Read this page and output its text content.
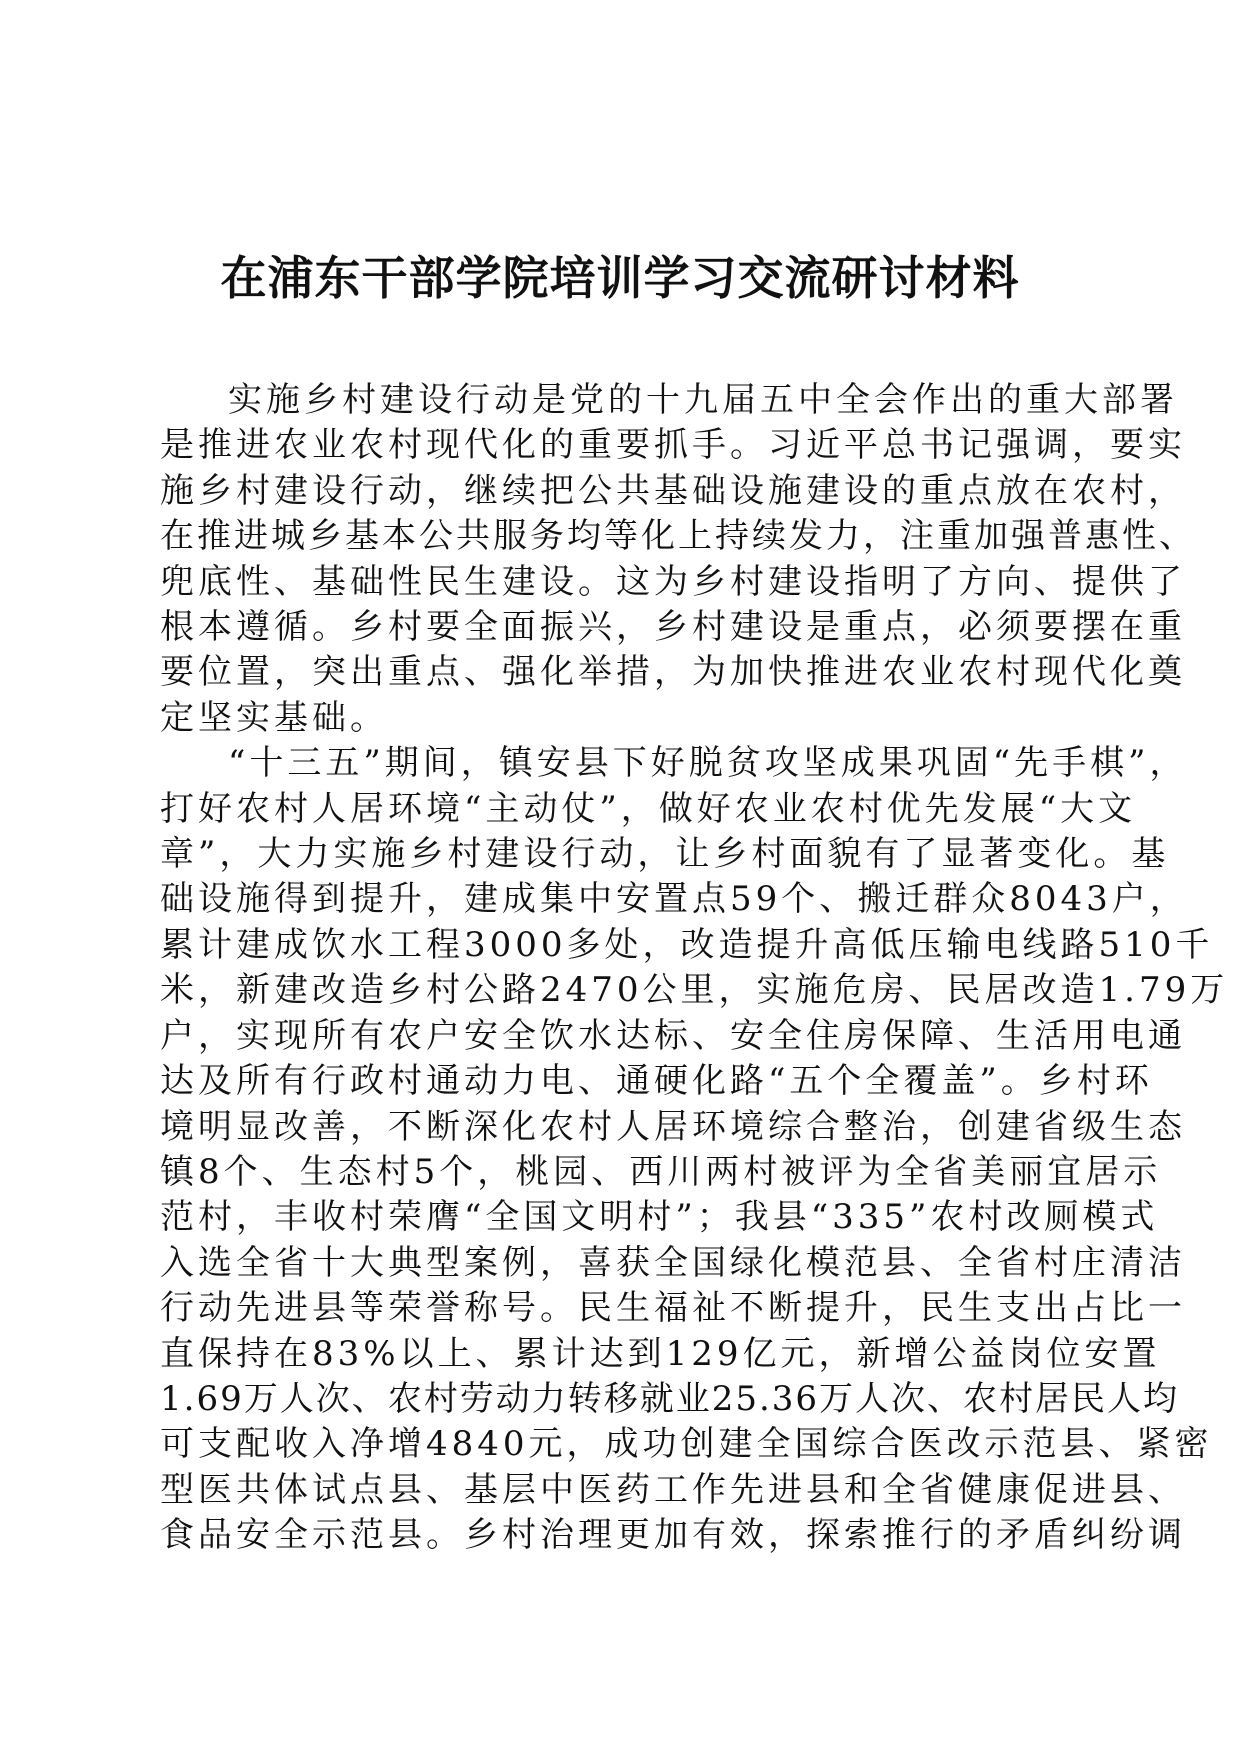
在浦东干部学院培训学习交流研讨材料

实施乡村建设行动是党的十九届五中全会作出的重大部署
是推进农业农村现代化的重要抓手。习近平总书记强调，要实
施乡村建设行动，继续把公共基础设施建设的重点放在农村，
在推进城乡基本公共服务均等化上持续发力，注重加强普惠性、
兜底性、基础性民生建设。这为乡村建设指明了方向、提供了
根本遵循。乡村要全面振兴，乡村建设是重点，必须要摆在重
要位置，突出重点、强化举措，为加快推进农业农村现代化奠
定坚实基础。

“十三五”期间，镇安县下好脱贫攻坚成果巩固“先手棋”，
打好农村人居环境“主动仗”，做好农业农村优先发展“大文
章”，大力实施乡村建设行动，让乡村面貌有了显著变化。基
础设施得到提升，建成集中安置点59个、搬迁群众8043户，
累计建成饮水工程3000多处，改造提升高低压输电线路510千
米，新建改造乡村公路2470公里，实施危房、民居改造1.79万
户，实现所有农户安全饮水达标、安全住房保障、生活用电通
达及所有行政村通动力电、通硬化路“五个全覆盖”。乡村环
境明显改善，不断深化农村人居环境综合整治，创建省级生态
镇8个、生态村5个，桃园、西川两村被评为全省美丽宜居示
范村，丰收村荣膺“全国文明村”；我县“335”农村改厕模式
入选全省十大典型案例，喜获全国绿化模范县、全省村庄清洁
行动先进县等荣誉称号。民生福祉不断提升，民生支出占比一
直保持在83%以上、累计达到129亿元，新增公益岗位安置
1.69万人次、农村劳动力转移就业25.36万人次、农村居民人均
可支配收入净增4840元，成功创建全国综合医改示范县、紧密
型医共体试点县、基层中医药工作先进县和全省健康促进县、
食品安全示范县。乡村治理更加有效，探索推行的矛盾纠纷调
